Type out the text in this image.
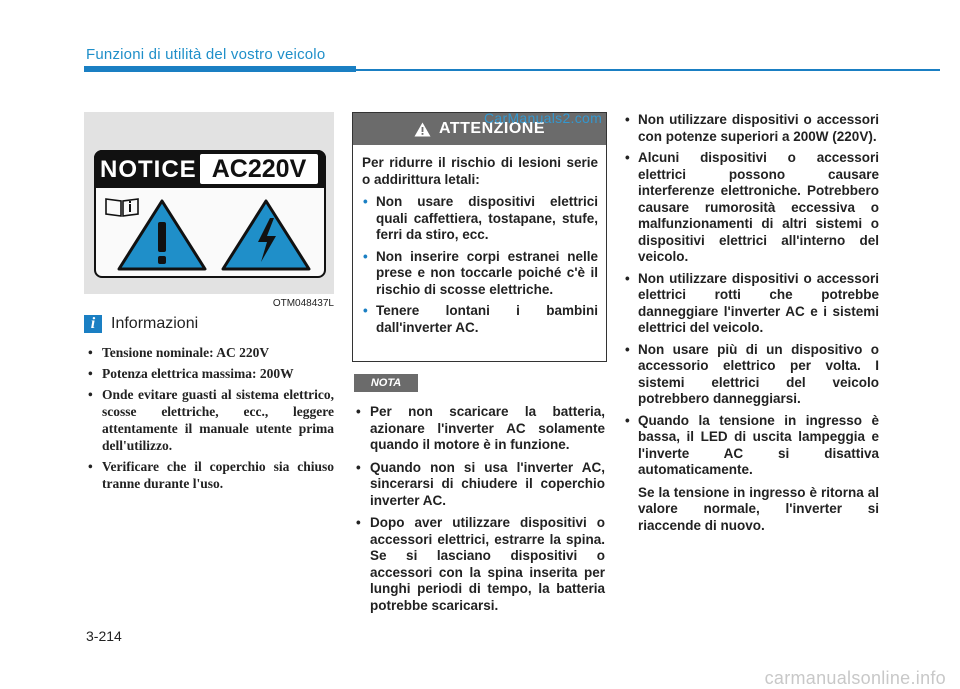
Funzioni di utilità del vostro veicolo
NOTICE AC220V
OTM048437L
i Informazioni
• Tensione nominale: AC 220V
• Potenza elettrica massima: 200W
• Onde evitare guasti al sistema elettrico, scosse elettriche, ecc., leggere attentamente il manuale utente prima dell'utilizzo.
• Verificare che il coperchio sia chiuso tranne durante l'uso.
ATTENZIONE
Per ridurre il rischio di lesioni serie o addirittura letali:
• Non usare dispositivi elettrici quali caffettiera, tostapane, stufe, ferri da stiro, ecc.
• Non inserire corpi estranei nelle prese e non toccarle poiché c'è il rischio di scosse elettriche.
• Tenere lontani i bambini dall'inverter AC.
NOTA
• Per non scaricare la batteria, azionare l'inverter AC solamente quando il motore è in funzione.
• Quando non si usa l'inverter AC, sincerarsi di chiudere il coperchio inverter AC.
• Dopo aver utilizzare dispositivi o accessori elettrici, estrarre la spina. Se si lasciano dispositivi o accessori con la spina inserita per lunghi periodi di tempo, la batteria potrebbe scaricarsi.
CarManuals2.com
•	Non utilizzare dispositivi o accessori con potenze superiori a 200W (220V).
• Alcuni dispositivi o accessori elettrici possono causare interferenze elettroniche. Potrebbero causare rumorosità eccessiva o malfunzionamenti di altri sistemi o dispositivi elettrici all'interno del veicolo.
• Non utilizzare dispositivi o accessori elettrici rotti che potrebbe danneggiare l'inverter AC e i sistemi elettrici del veicolo.
• Non usare più di un dispositivo o accessorio elettrico per volta. I sistemi elettrici del veicolo potrebbero danneggiarsi.
• Quando la tensione in ingresso è bassa, il LED di uscita lampeggia e l'inverte AC si disattiva automaticamente.
Se la tensione in ingresso è ritorna al valore normale, l'inverter si riaccende di nuovo.
3-214
carmanualsonline.info
